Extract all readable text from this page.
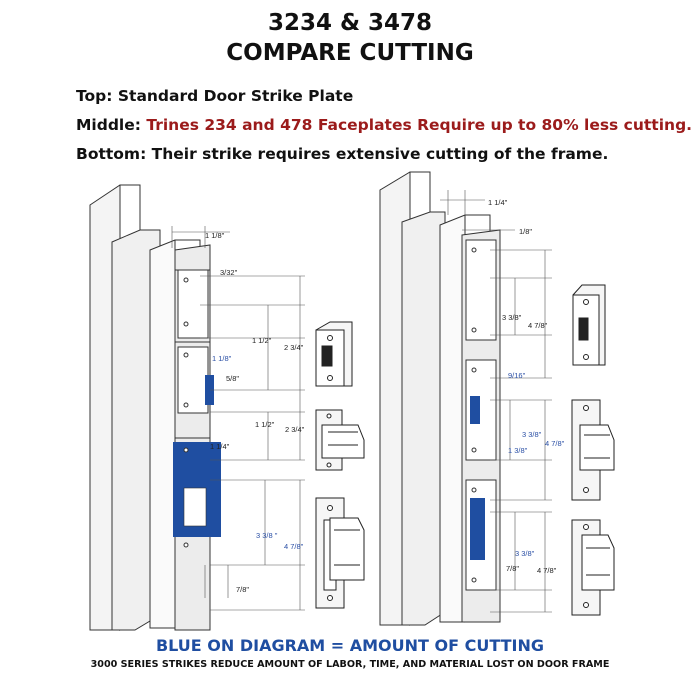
3234 & 3478
COMPARE CUTTING
Top: Standard Door Strike Plate
Middle: Trines 234 and 478 Faceplates Require up to 80% less cutting.
Bottom: Their strike requires extensive cutting of the frame.
1 1/8"
3/32"
1 1/2"
2 3/4"
1 1/8"
5/8"
1 1/2"
2 3/4"
1 1/4"
3 3/8 "
4 7/8"
7/8"
1 1/4"
1/8"
3 3/8"
4 7/8"
9/16"
3 3/8"
4 7/8"
1 3/8"
3 3/8"
7/8" 4 7/8"
BLUE ON DIAGRAM = AMOUNT OF CUTTING
3000 SERIES STRIKES REDUCE AMOUNT OF LABOR, TIME, AND MATERIAL LOST ON DOOR FRAME
